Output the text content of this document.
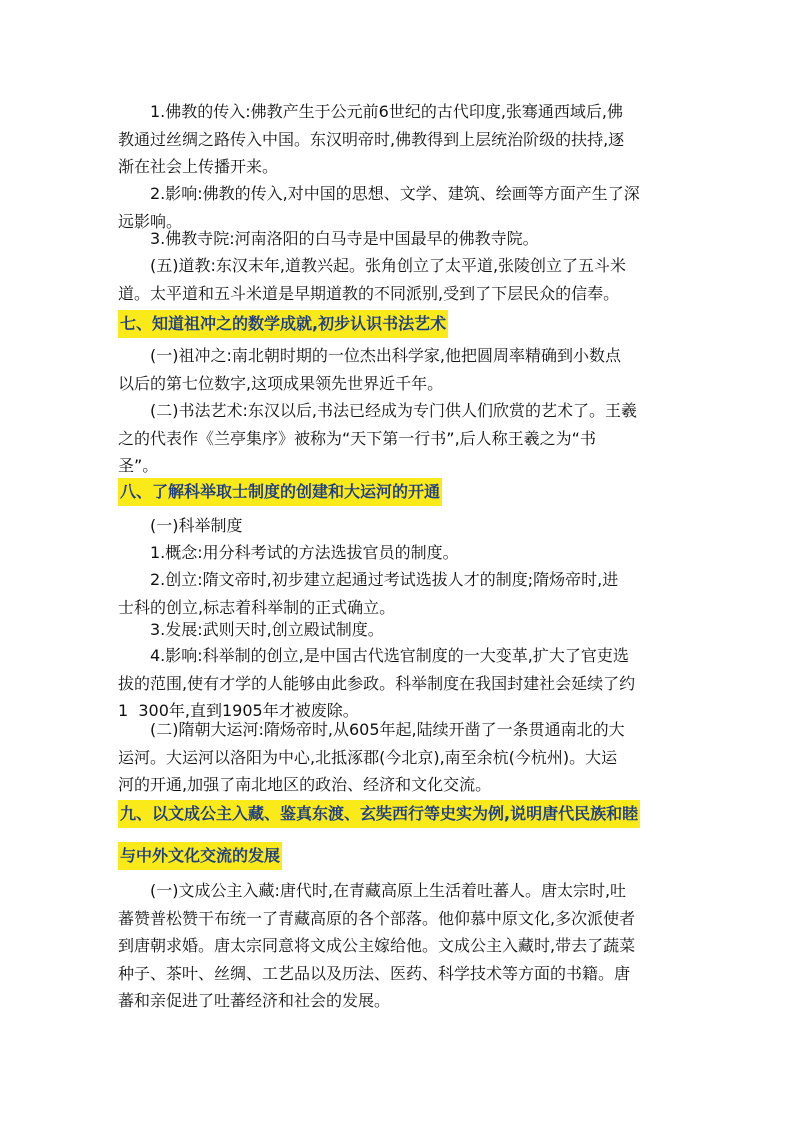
1.佛教的传入:佛教产生于公元前6世纪的古代印度,张骞通西域后,佛
教通过丝绸之路传入中国。东汉明帝时,佛教得到上层统治阶级的扶持,逐
渐在社会上传播开来。
2.影响:佛教的传入,对中国的思想、文学、建筑、绘画等方面产生了深
远影响。
3.佛教寺院:河南洛阳的白马寺是中国最早的佛教寺院。
(五)道教:东汉末年,道教兴起。张角创立了太平道,张陵创立了五斗米
道。太平道和五斗米道是早期道教的不同派别,受到了下层民众的信奉。
七、知道祖冲之的数学成就,初步认识书法艺术
(一)祖冲之:南北朝时期的一位杰出科学家,他把圆周率精确到小数点
以后的第七位数字,这项成果领先世界近千年。
(二)书法艺术:东汉以后,书法已经成为专门供人们欣赏的艺术了。王羲
之的代表作《兰亭集序》被称为“天下第一行书”,后人称王羲之为“书
圣”。
八、了解科举取士制度的创建和大运河的开通
(一)科举制度
1.概念:用分科考试的方法选拔官员的制度。
2.创立:隋文帝时,初步建立起通过考试选拔人才的制度;隋炀帝时,进
士科的创立,标志着科举制的正式确立。
3.发展:武则天时,创立殿试制度。
4.影响:科举制的创立,是中国古代选官制度的一大变革,扩大了官吏选
拔的范围,使有才学的人能够由此参政。科举制度在我国封建社会延续了约
1  300年,直到1905年才被废除。
(二)隋朝大运河:隋炀帝时,从605年起,陆续开凿了一条贯通南北的大
运河。大运河以洛阳为中心,北抵涿郡(今北京),南至余杭(今杭州)。大运
河的开通,加强了南北地区的政治、经济和文化交流。
九、以文成公主入藏、鉴真东渡、玄奘西行等史实为例,说明唐代民族和睦
与中外文化交流的发展
(一)文成公主入藏:唐代时,在青藏高原上生活着吐蕃人。唐太宗时,吐
蕃赞普松赞干布统一了青藏高原的各个部落。他仰慕中原文化,多次派使者
到唐朝求婚。唐太宗同意将文成公主嫁给他。文成公主入藏时,带去了蔬菜
种子、茶叶、丝绸、工艺品以及历法、医药、科学技术等方面的书籍。唐
蕃和亲促进了吐蕃经济和社会的发展。
